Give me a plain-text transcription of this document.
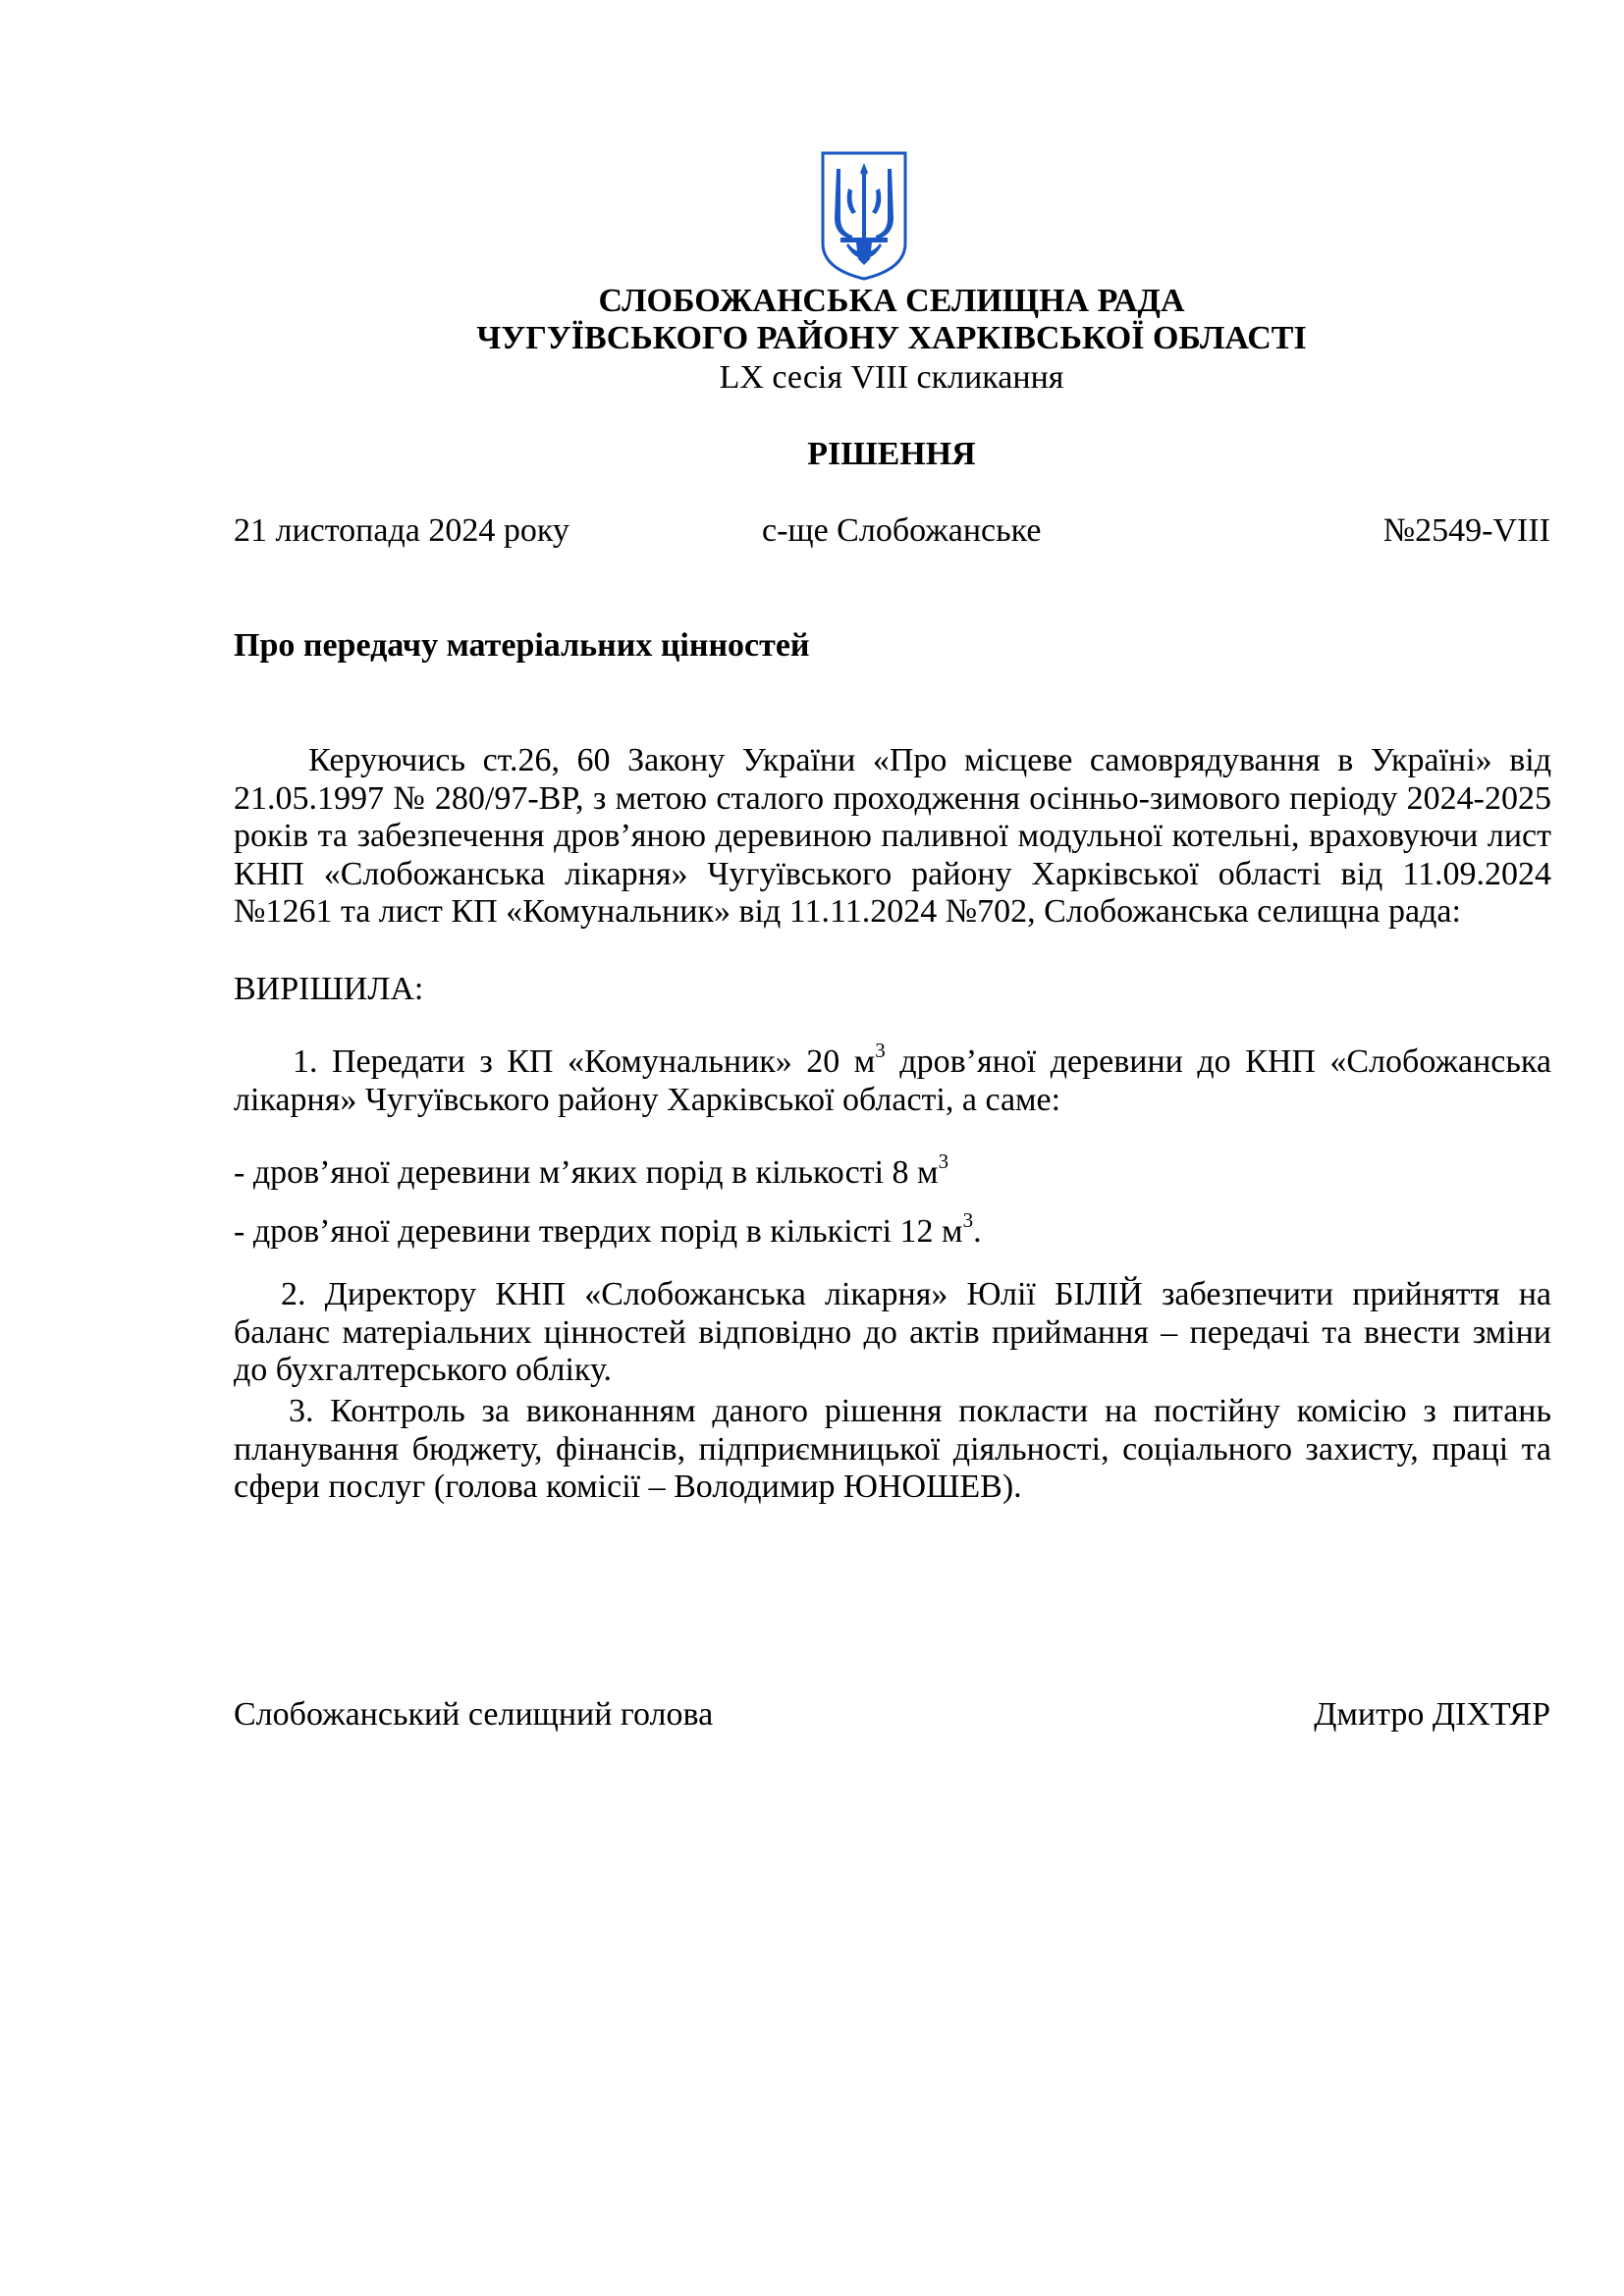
СЛОБОЖАНСЬКА СЕЛИЩНА РАДА
ЧУГУЇВСЬКОГО РАЙОНУ ХАРКІВСЬКОЇ ОБЛАСТІ
LX сесія VIII скликання
РІШЕННЯ
21 листопада 2024 року	с-ще Слобожанське	№2549-VIII
Про передачу матеріальних цінностей

Керуючись ст.26, 60 Закону України «Про місцеве самоврядування в Україні» від 21.05.1997 № 280/97-ВР, з метою сталого проходження осінньо-зимового періоду 2024-2025 років та забезпечення дров’яною деревиною паливної модульної котельні, враховуючи лист КНП «Слобожанська лікарня» Чугуївського району Харківської області від 11.09.2024 №1261 та лист КП «Комунальник» від 11.11.2024 №702, Слобожанська селищна рада:

ВИРІШИЛА:

1. Передати з КП «Комунальник» 20 $м^3$ дров’яної деревини до КНП «Слобожанська лікарня» Чугуївського району Харківської області, а саме:

- дров’яної деревини м’яких порід в кількості 8 $м^3$
- дров’яної деревини твердих порід в кількісті 12 $м^3$.

2. Директору КНП «Слобожанська лікарня» Юлії БІЛІЙ забезпечити прийняття на баланс матеріальних цінностей відповідно до актів приймання – передачі та внести зміни до бухгалтерського обліку.

3. Контроль за виконанням даного рішення покласти на постійну комісію з питань планування бюджету, фінансів, підприємницької діяльності, соціального захисту, праці та сфери послуг (голова комісії – Володимир ЮНОШЕВ).

Слобожанський селищний голова	Дмитро ДІХТЯР
